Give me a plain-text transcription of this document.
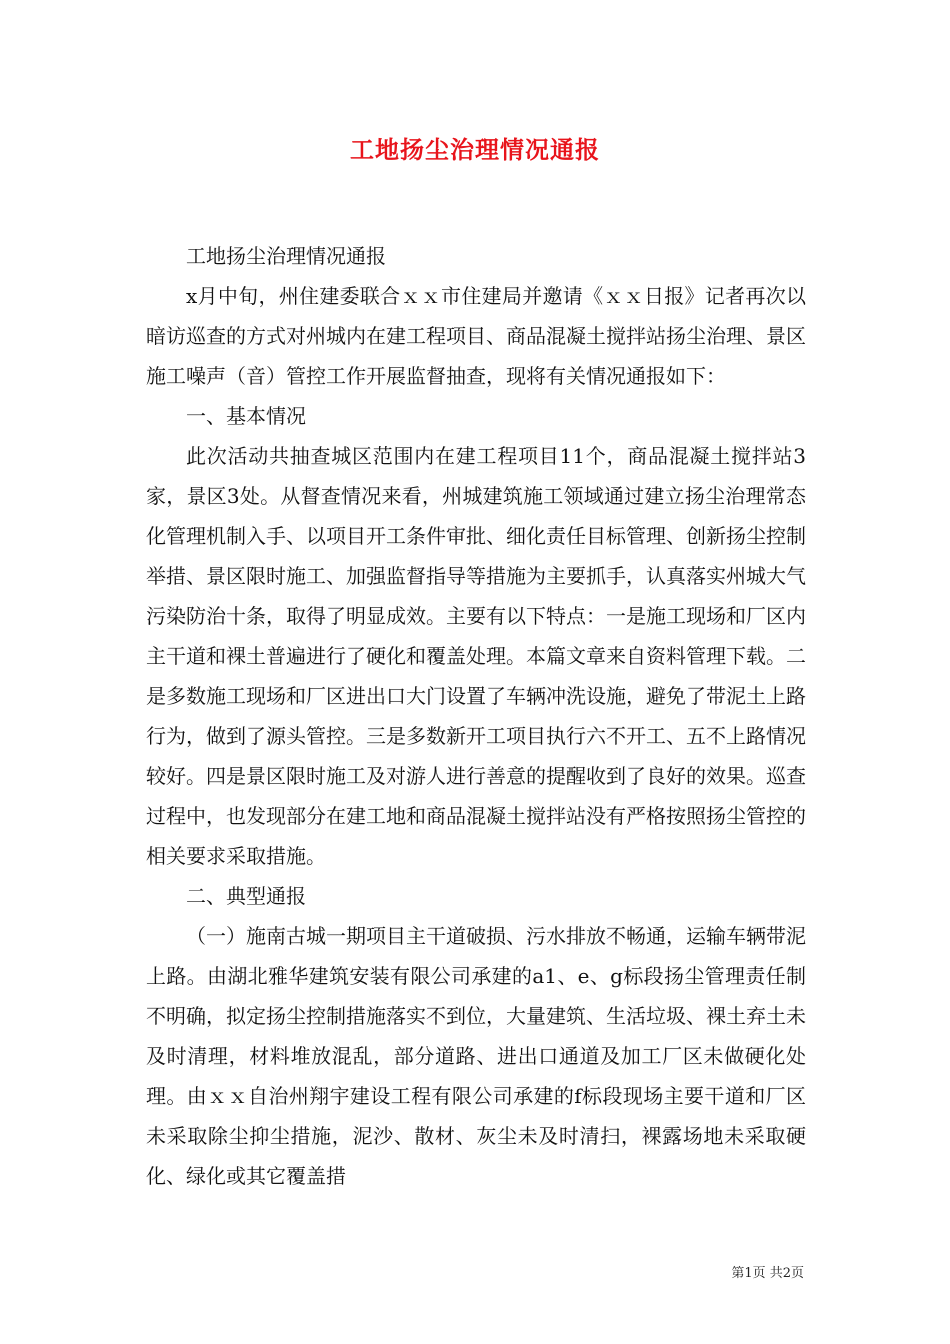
工地扬尘治理情况通报

工地扬尘治理情况通报

x月中旬，州住建委联合ｘｘ市住建局并邀请《ｘｘ日报》记者再次以暗访巡查的方式对州城内在建工程项目、商品混凝土搅拌站扬尘治理、景区施工噪声（音）管控工作开展监督抽查，现将有关情况通报如下：

一、基本情况

此次活动共抽查城区范围内在建工程项目11个，商品混凝土搅拌站3家，景区3处。从督查情况来看，州城建筑施工领域通过建立扬尘治理常态化管理机制入手、以项目开工条件审批、细化责任目标管理、创新扬尘控制举措、景区限时施工、加强监督指导等措施为主要抓手，认真落实州城大气污染防治十条，取得了明显成效。主要有以下特点：一是施工现场和厂区内主干道和裸土普遍进行了硬化和覆盖处理。本篇文章来自资料管理下载。二是多数施工现场和厂区进出口大门设置了车辆冲洗设施，避免了带泥土上路行为，做到了源头管控。三是多数新开工项目执行六不开工、五不上路情况较好。四是景区限时施工及对游人进行善意的提醒收到了良好的效果。巡查过程中，也发现部分在建工地和商品混凝土搅拌站没有严格按照扬尘管控的相关要求采取措施。

二、典型通报

（一）施南古城一期项目主干道破损、污水排放不畅通，运输车辆带泥上路。由湖北雅华建筑安装有限公司承建的a1、e、g标段扬尘管理责任制不明确，拟定扬尘控制措施落实不到位，大量建筑、生活垃圾、裸土弃土未及时清理，材料堆放混乱，部分道路、进出口通道及加工厂区未做硬化处理。由ｘｘ自治州翔宇建设工程有限公司承建的f标段现场主要干道和厂区未采取除尘抑尘措施，泥沙、散材、灰尘未及时清扫，裸露场地未采取硬化、绿化或其它覆盖措

第1页 共2页
